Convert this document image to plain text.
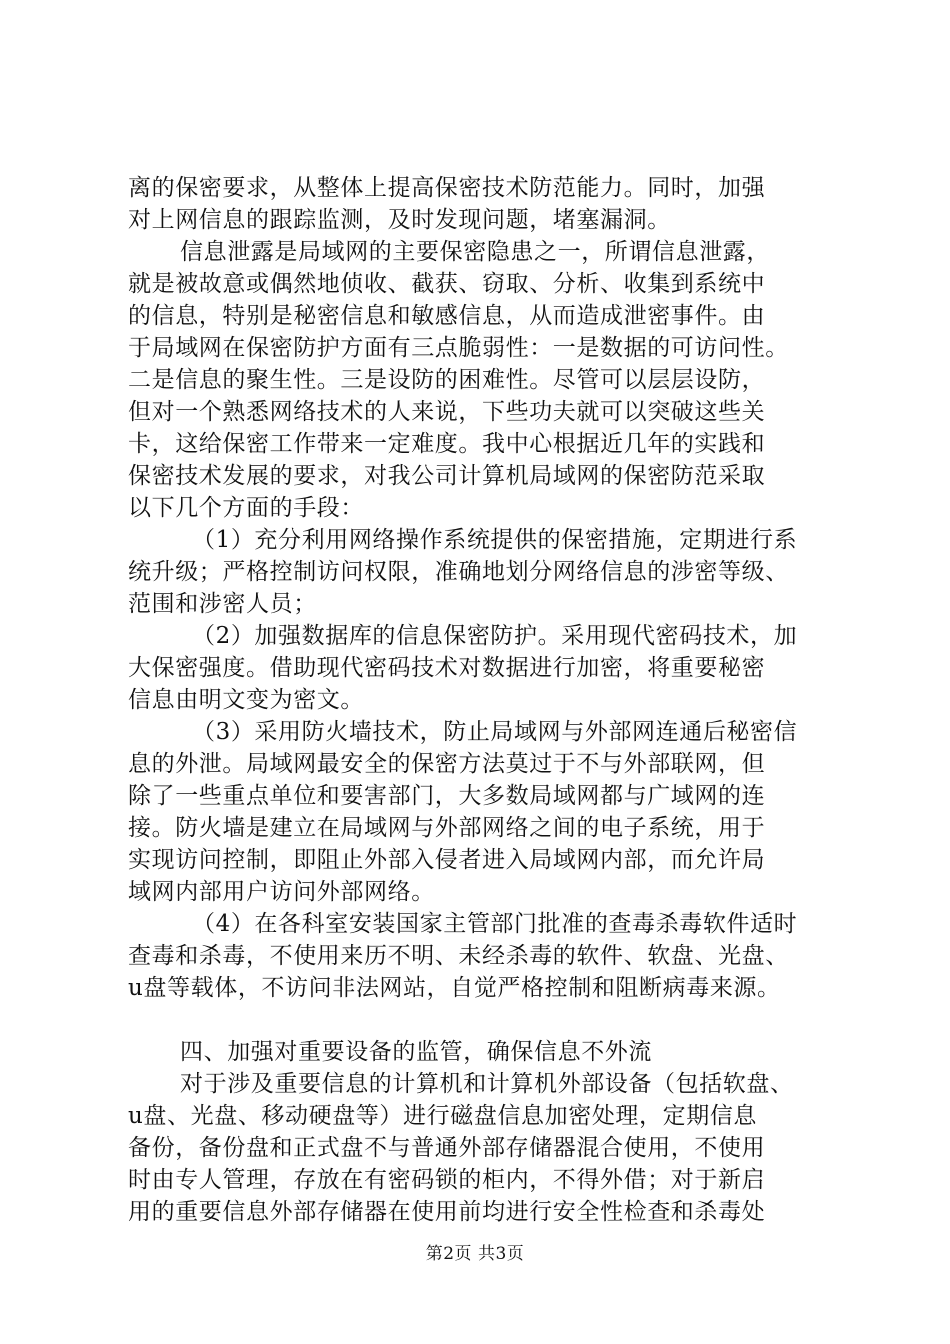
离的保密要求，从整体上提高保密技术防范能力。同时，加强
对上网信息的跟踪监测，及时发现问题，堵塞漏洞。
信息泄露是局域网的主要保密隐患之一，所谓信息泄露，
就是被故意或偶然地侦收、截获、窃取、分析、收集到系统中
的信息，特别是秘密信息和敏感信息，从而造成泄密事件。由
于局域网在保密防护方面有三点脆弱性：一是数据的可访问性。
二是信息的聚生性。三是设防的困难性。尽管可以层层设防，
但对一个熟悉网络技术的人来说，下些功夫就可以突破这些关
卡，这给保密工作带来一定难度。我中心根据近几年的实践和
保密技术发展的要求，对我公司计算机局域网的保密防范采取
以下几个方面的手段：
（1）充分利用网络操作系统提供的保密措施，定期进行系
统升级；严格控制访问权限，准确地划分网络信息的涉密等级、
范围和涉密人员；
（2）加强数据库的信息保密防护。采用现代密码技术，加
大保密强度。借助现代密码技术对数据进行加密，将重要秘密
信息由明文变为密文。
（3）采用防火墙技术，防止局域网与外部网连通后秘密信
息的外泄。局域网最安全的保密方法莫过于不与外部联网，但
除了一些重点单位和要害部门，大多数局域网都与广域网的连
接。防火墙是建立在局域网与外部网络之间的电子系统，用于
实现访问控制，即阻止外部入侵者进入局域网内部，而允许局
域网内部用户访问外部网络。
（4）在各科室安装国家主管部门批准的查毒杀毒软件适时
查毒和杀毒，不使用来历不明、未经杀毒的软件、软盘、光盘、
u盘等载体，不访问非法网站，自觉严格控制和阻断病毒来源。
四、加强对重要设备的监管，确保信息不外流
对于涉及重要信息的计算机和计算机外部设备（包括软盘、
u盘、光盘、移动硬盘等）进行磁盘信息加密处理，定期信息
备份，备份盘和正式盘不与普通外部存储器混合使用，不使用
时由专人管理，存放在有密码锁的柜内，不得外借；对于新启
用的重要信息外部存储器在使用前均进行安全性检查和杀毒处
第2页 共3页
